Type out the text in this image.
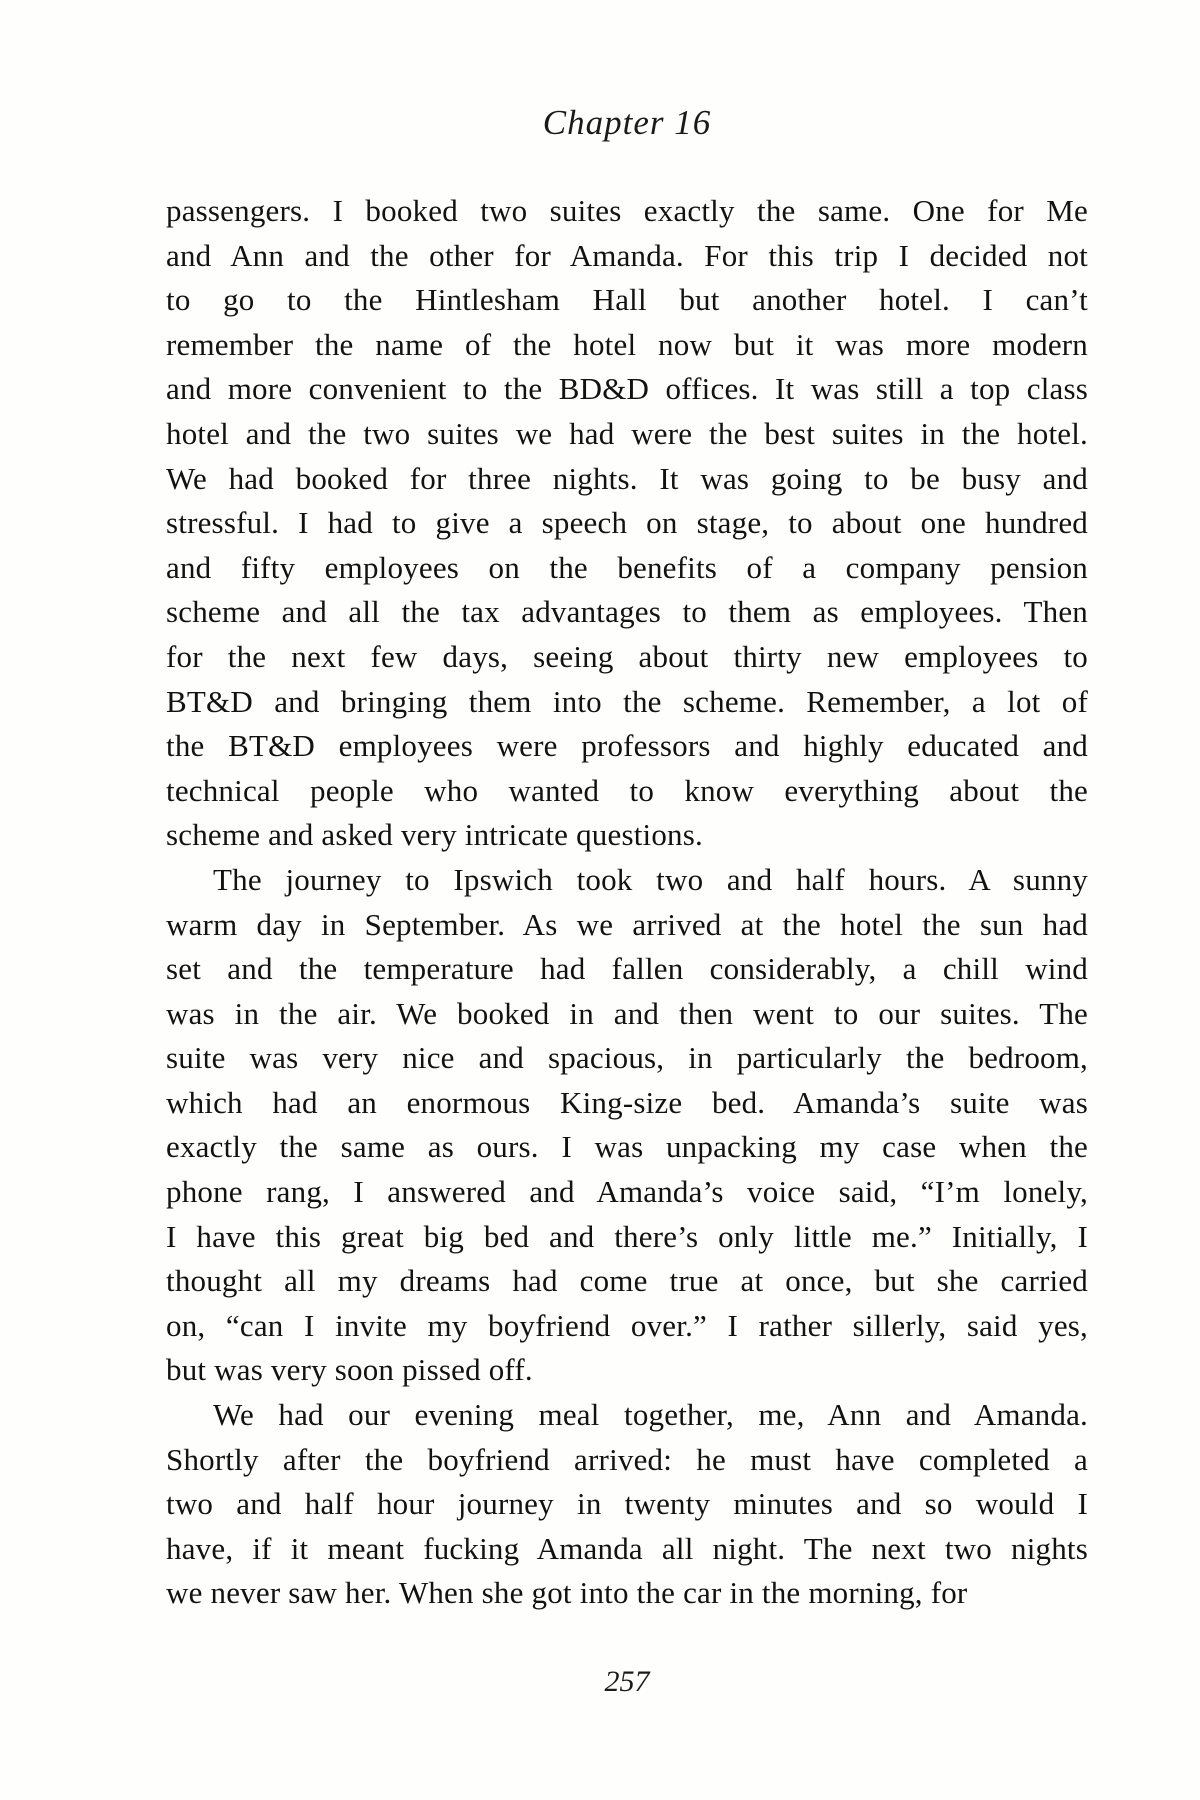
Chapter 16
passengers. I booked two suites exactly the same. One for Me
and Ann and the other for Amanda. For this trip I decided not
to go to the Hintlesham Hall but another hotel. I can’t
remember the name of the hotel now but it was more modern
and more convenient to the BD&D offices. It was still a top class
hotel and the two suites we had were the best suites in the hotel.
We had booked for three nights. It was going to be busy and
stressful. I had to give a speech on stage, to about one hundred
and fifty employees on the benefits of a company pension
scheme and all the tax advantages to them as employees. Then
for the next few days, seeing about thirty new employees to
BT&D and bringing them into the scheme. Remember, a lot of
the BT&D employees were professors and highly educated and
technical people who wanted to know everything about the
scheme and asked very intricate questions.
The journey to Ipswich took two and half hours. A sunny
warm day in September. As we arrived at the hotel the sun had
set and the temperature had fallen considerably, a chill wind
was in the air. We booked in and then went to our suites. The
suite was very nice and spacious, in particularly the bedroom,
which had an enormous King-size bed. Amanda’s suite was
exactly the same as ours. I was unpacking my case when the
phone rang, I answered and Amanda’s voice said, “I’m lonely,
I have this great big bed and there’s only little me.” Initially, I
thought all my dreams had come true at once, but she carried
on, “can I invite my boyfriend over.” I rather sillerly, said yes,
but was very soon pissed off.
We had our evening meal together, me, Ann and Amanda.
Shortly after the boyfriend arrived: he must have completed a
two and half hour journey in twenty minutes and so would I
have, if it meant fucking Amanda all night. The next two nights
we never saw her. When she got into the car in the morning, for
257
